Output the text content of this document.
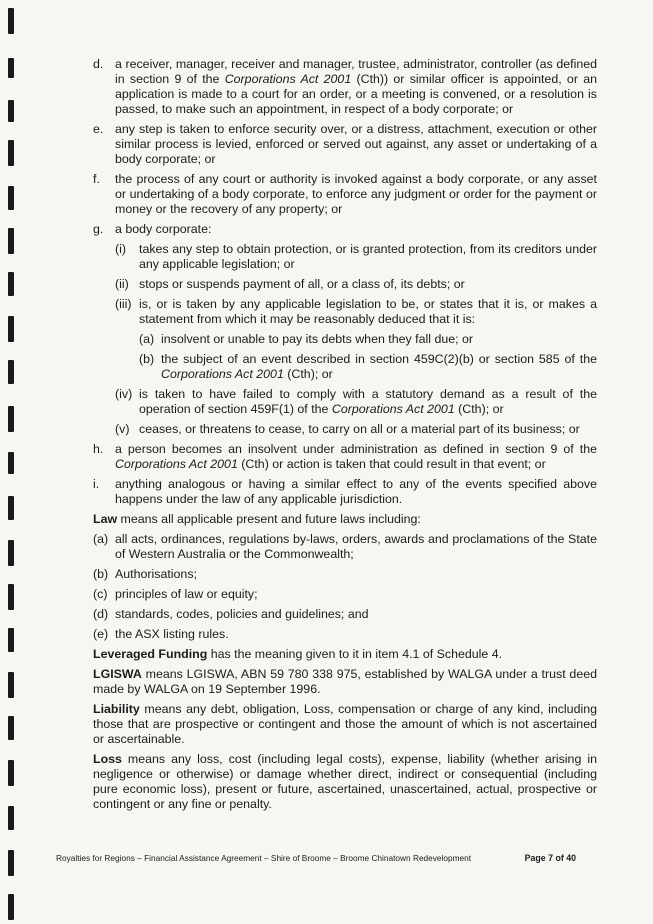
d. a receiver, manager, receiver and manager, trustee, administrator, controller (as defined in section 9 of the Corporations Act 2001 (Cth)) or similar officer is appointed, or an application is made to a court for an order, or a meeting is convened, or a resolution is passed, to make such an appointment, in respect of a body corporate; or
e. any step is taken to enforce security over, or a distress, attachment, execution or other similar process is levied, enforced or served out against, any asset or undertaking of a body corporate; or
f.	the process of any court or authority is invoked against a body corporate, or any asset or undertaking of a body corporate, to enforce any judgment or order for the payment or money or the recovery of any property; or
g. a body corporate:
(i)	takes any step to obtain protection, or is granted protection, from its creditors under any applicable legislation; or
(ii) stops or suspends payment of all, or a class of, its debts; or
(iii) is, or is taken by any applicable legislation to be, or states that it is, or makes a statement from which it may be reasonably deduced that it is:
(a) insolvent or unable to pay its debts when they fall due; or
(b) the subject of an event described in section 459C(2)(b) or section 585 of the Corporations Act 2001 (Cth); or
(iv) is taken to have failed to comply with a statutory demand as a result of the operation of section 459F(1) of the Corporations Act 2001 (Cth); or
(v) ceases, or threatens to cease, to carry on all or a material part of its business; or
h. a person becomes an insolvent under administration as defined in section 9 of the Corporations Act 2001 (Cth) or action is taken that could result in that event; or
i.	anything analogous or having a similar effect to any of the events specified above happens under the law of any applicable jurisdiction.
Law means all applicable present and future laws including:
(a) all acts, ordinances, regulations by-laws, orders, awards and proclamations of the State of Western Australia or the Commonwealth;
(b) Authorisations;
(c) principles of law or equity;
(d) standards, codes, policies and guidelines; and
(e) the ASX listing rules.
Leveraged Funding has the meaning given to it in item 4.1 of Schedule 4.
LGISWA means LGISWA, ABN 59 780 338 975, established by WALGA under a trust deed made by WALGA on 19 September 1996.
Liability means any debt, obligation, Loss, compensation or charge of any kind, including those that are prospective or contingent and those the amount of which is not ascertained or ascertainable.
Loss means any loss, cost (including legal costs), expense, liability (whether arising in negligence or otherwise) or damage whether direct, indirect or consequential (including pure economic loss), present or future, ascertained, unascertained, actual, prospective or contingent or any fine or penalty.
Royalties for Regions – Financial Assistance Agreement – Shire of Broome – Broome Chinatown Redevelopment	Page 7 of 40
